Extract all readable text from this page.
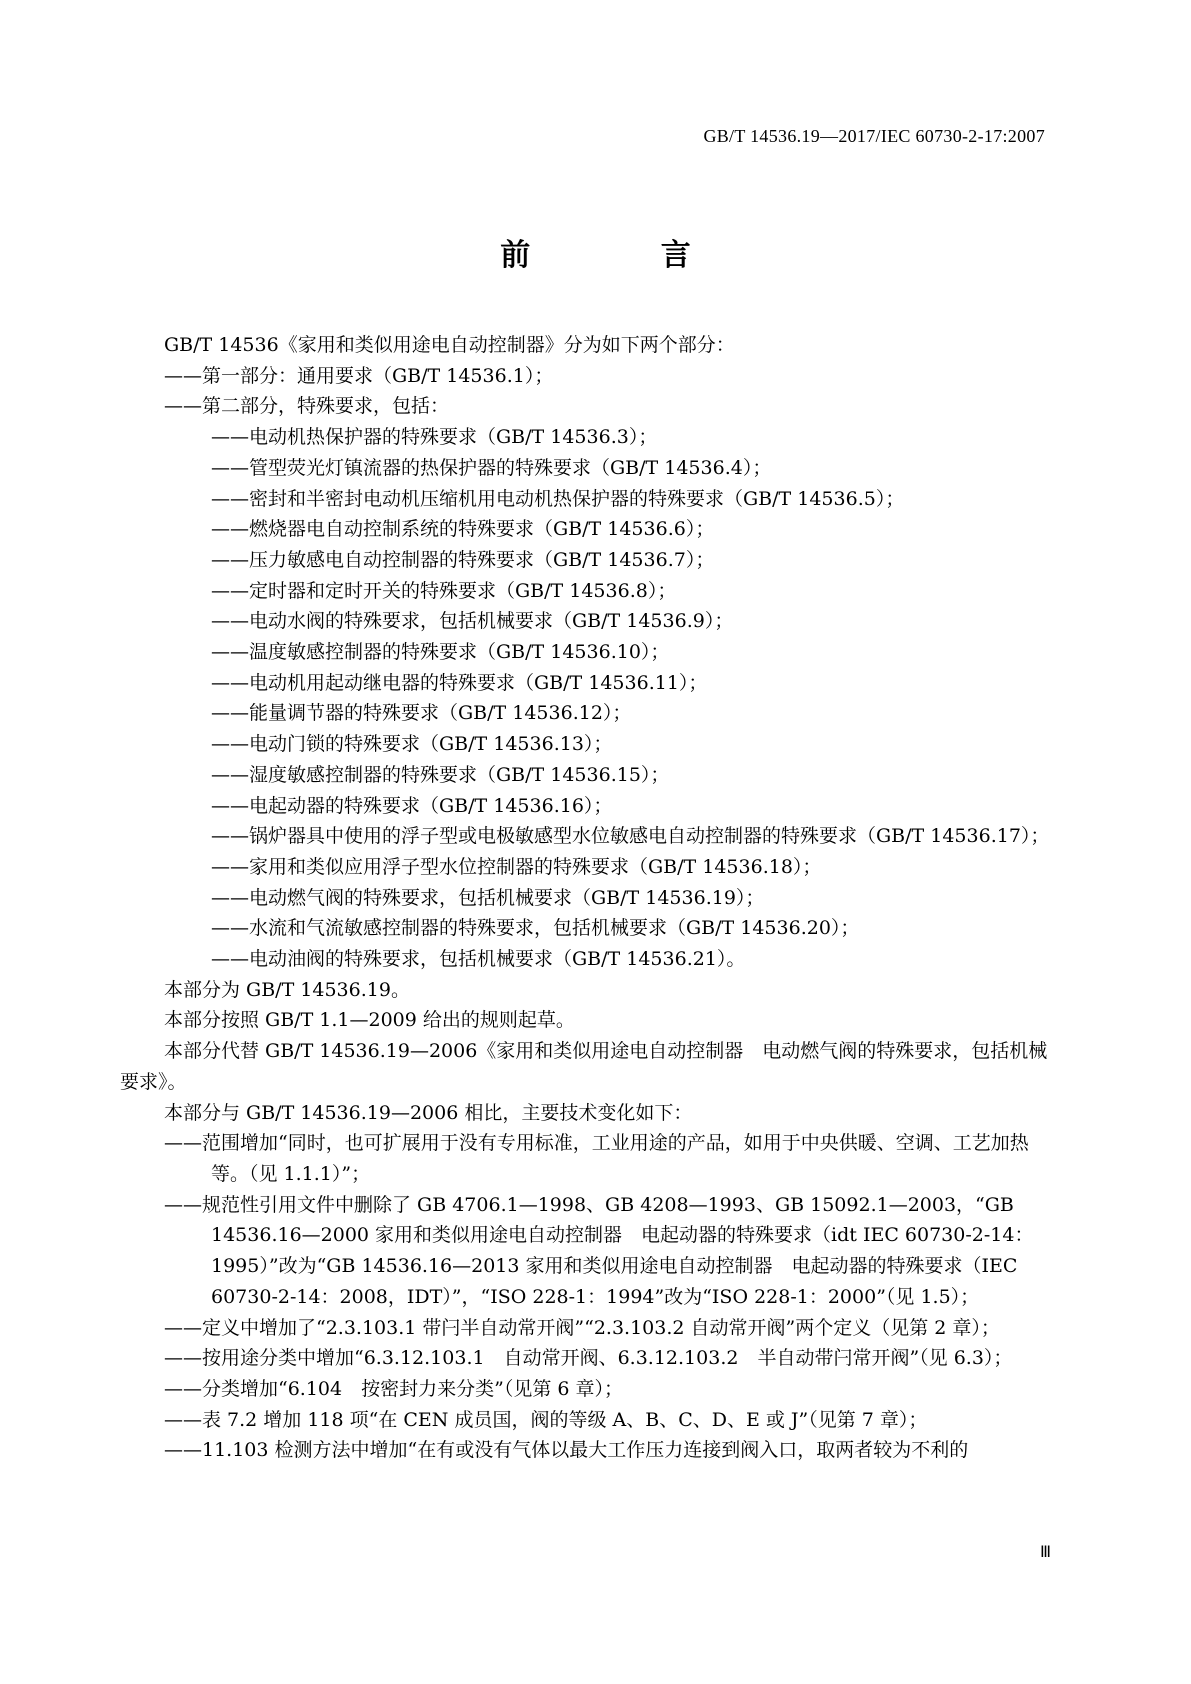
GB/T 14536.19—2017/IEC 60730-2-17:2007
前 言

GB/T 14536《家用和类似用途电自动控制器》分为如下两个部分：

——第一部分：通用要求（GB/T 14536.1）；

——第二部分，特殊要求，包括：

——电动机热保护器的特殊要求（GB/T 14536.3）；

——管型荧光灯镇流器的热保护器的特殊要求（GB/T 14536.4）；

——密封和半密封电动机压缩机用电动机热保护器的特殊要求（GB/T 14536.5）；

——燃烧器电自动控制系统的特殊要求（GB/T 14536.6）；

——压力敏感电自动控制器的特殊要求（GB/T 14536.7）；

——定时器和定时开关的特殊要求（GB/T 14536.8）；

——电动水阀的特殊要求，包括机械要求（GB/T 14536.9）；

——温度敏感控制器的特殊要求（GB/T 14536.10）；

——电动机用起动继电器的特殊要求（GB/T 14536.11）；

——能量调节器的特殊要求（GB/T 14536.12）；

——电动门锁的特殊要求（GB/T 14536.13）；

——湿度敏感控制器的特殊要求（GB/T 14536.15）；

——电起动器的特殊要求（GB/T 14536.16）；

——锅炉器具中使用的浮子型或电极敏感型水位敏感电自动控制器的特殊要求（GB/T 14536.17）；

——家用和类似应用浮子型水位控制器的特殊要求（GB/T 14536.18）；

——电动燃气阀的特殊要求，包括机械要求（GB/T 14536.19）；

——水流和气流敏感控制器的特殊要求，包括机械要求（GB/T 14536.20）；

——电动油阀的特殊要求，包括机械要求（GB/T 14536.21）。

本部分为 GB/T 14536.19。

本部分按照 GB/T 1.1—2009 给出的规则起草。

本部分代替 GB/T 14536.19—2006《家用和类似用途电自动控制器　电动燃气阀的特殊要求，包括机械要求》。

本部分与 GB/T 14536.19—2006 相比，主要技术变化如下：

——范围增加“同时，也可扩展用于没有专用标准，工业用途的产品，如用于中央供暖、空调、工艺加热等。（见 1.1.1）”；

——规范性引用文件中删除了 GB 4706.1—1998、GB 4208—1993、GB 15092.1—2003，“GB 14536.16—2000 家用和类似用途电自动控制器　电起动器的特殊要求（idt IEC 60730-2-14：1995）”改为“GB 14536.16—2013 家用和类似用途电自动控制器　电起动器的特殊要求（IEC 60730-2-14：2008，IDT）”，“ISO 228-1：1994”改为“ISO 228-1：2000”（见 1.5）；

——定义中增加了“2.3.103.1 带闩半自动常开阀”“2.3.103.2 自动常开阀”两个定义（见第 2 章）；

——按用途分类中增加“6.3.12.103.1　自动常开阀、6.3.12.103.2　半自动带闩常开阀”（见 6.3）；

——分类增加“6.104　按密封力来分类”（见第 6 章）；

——表 7.2 增加 118 项“在 CEN 成员国，阀的等级 A、B、C、D、E 或 J”（见第 7 章）；

——11.103 检测方法中增加“在有或没有气体以最大工作压力连接到阀入口，取两者较为不利的

Ⅲ
